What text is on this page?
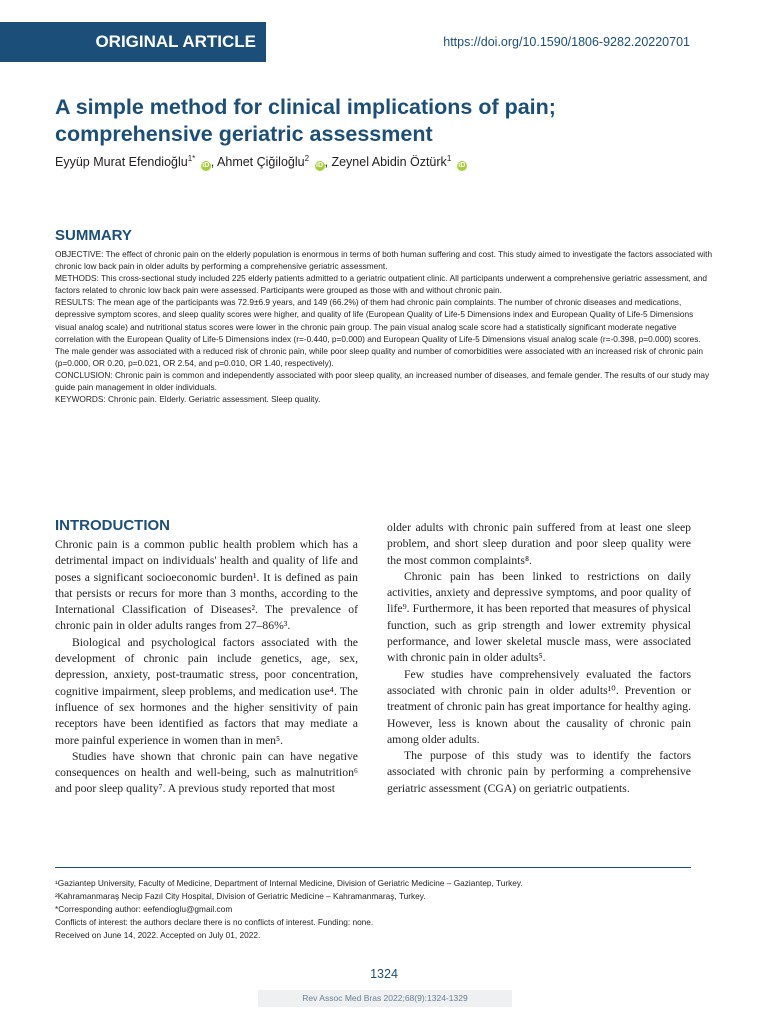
ORIGINAL ARTICLE	https://doi.org/10.1590/1806-9282.20220701
A simple method for clinical implications of pain; comprehensive geriatric assessment
Eyyüp Murat Efendioğlu$^{1*}$ iD , Ahmet Çiğiloğlu$^2$ iD , Zeynel Abidin Öztürk$^1$ iD
SUMMARY

OBJECTIVE: The effect of chronic pain on the elderly population is enormous in terms of both human suffering and cost. This study aimed to investigate the factors associated with chronic low back pain in older adults by performing a comprehensive geriatric assessment.

METHODS: This cross-sectional study included 225 elderly patients admitted to a geriatric outpatient clinic. All participants underwent a comprehensive geriatric assessment, and factors related to chronic low back pain were assessed. Participants were grouped as those with and without chronic pain.

RESULTS: The mean age of the participants was 72.9±6.9 years, and 149 (66.2%) of them had chronic pain complaints. The number of chronic diseases and medications, depressive symptom scores, and sleep quality scores were higher, and quality of life (European Quality of Life-5 Dimensions index and European Quality of Life-5 Dimensions visual analog scale) and nutritional status scores were lower in the chronic pain group. The pain visual analog scale score had a statistically significant moderate negative correlation with the European Quality of Life-5 Dimensions index (r=-0.440, p=0.000) and European Quality of Life-5 Dimensions visual analog scale (r=-0.398, p=0.000) scores. The male gender was associated with a reduced risk of chronic pain, while poor sleep quality and number of comorbidities were associated with an increased risk of chronic pain (p=0.000, OR 0.20, p=0.021, OR 2.54, and p=0.010, OR 1.40, respectively).

CONCLUSION: Chronic pain is common and independently associated with poor sleep quality, an increased number of diseases, and female gender. The results of our study may guide pain management in older individuals.

KEYWORDS: Chronic pain. Elderly. Geriatric assessment. Sleep quality.

INTRODUCTION

Chronic pain is a common public health problem which has a detrimental impact on individuals' health and quality of life and poses a significant socioeconomic burden¹. It is defined as pain that persists or recurs for more than 3 months, according to the International Classification of Diseases². The prevalence of chronic pain in older adults ranges from 27–86%³.

Biological and psychological factors associated with the development of chronic pain include genetics, age, sex, depression, anxiety, post-traumatic stress, poor concentration, cognitive impairment, sleep problems, and medication use⁴. The influence of sex hormones and the higher sensitivity of pain receptors have been identified as factors that may mediate a more painful experience in women than in men⁵.

Studies have shown that chronic pain can have negative consequences on health and well-being, such as malnutrition⁶ and poor sleep quality⁷. A previous study reported that most

older adults with chronic pain suffered from at least one sleep problem, and short sleep duration and poor sleep quality were the most common complaints⁸.

Chronic pain has been linked to restrictions on daily activities, anxiety and depressive symptoms, and poor quality of life⁹. Furthermore, it has been reported that measures of physical function, such as grip strength and lower extremity physical performance, and lower skeletal muscle mass, were associated with chronic pain in older adults⁵.

Few studies have comprehensively evaluated the factors associated with chronic pain in older adults¹⁰. Prevention or treatment of chronic pain has great importance for healthy aging. However, less is known about the causality of chronic pain among older adults.

The purpose of this study was to identify the factors associated with chronic pain by performing a comprehensive geriatric assessment (CGA) on geriatric outpatients.

¹Gaziantep University, Faculty of Medicine, Department of Internal Medicine, Division of Geriatric Medicine – Gaziantep, Turkey.
²Kahramanmaraş Necip Fazıl City Hospital, Division of Geriatric Medicine – Kahramanmaraş, Turkey.
*Corresponding author: eefendioglu@gmail.com
Conflicts of interest: the authors declare there is no conflicts of interest. Funding: none.
Received on June 14, 2022. Accepted on July 01, 2022.
1324
Rev Assoc Med Bras 2022;68(9):1324-1329
